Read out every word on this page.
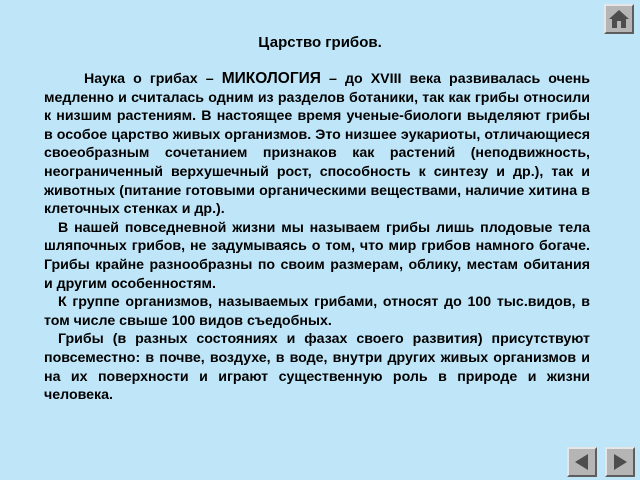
Царство грибов.

Наука о грибах – МИКОЛОГИЯ – до XVIII века развивалась очень медленно и считалась одним из разделов ботаники, так как грибы относили к низшим растениям. В настоящее время ученые-биологи выделяют грибы в особое царство живых организмов. Это низшее эукариоты, отличающиеся своеобразным сочетанием признаков как растений (неподвижность, неограниченный верхушечный рост, способность к синтезу и др.), так и животных (питание готовыми органическими веществами, наличие хитина в клеточных стенках и др.).

В нашей повседневной жизни мы называем грибы лишь плодовые тела шляпочных грибов, не задумываясь о том, что мир грибов намного богаче. Грибы крайне разнообразны по своим размерам, облику, местам обитания и другим особенностям.

К группе организмов, называемых грибами, относят до 100 тыс.видов, в том числе свыше 100 видов съедобных.

Грибы (в разных состояниях и фазах своего развития) присутствуют повсеместно: в почве, воздухе, в воде, внутри других живых организмов и на их поверхности и играют существенную роль в природе и жизни человека.
